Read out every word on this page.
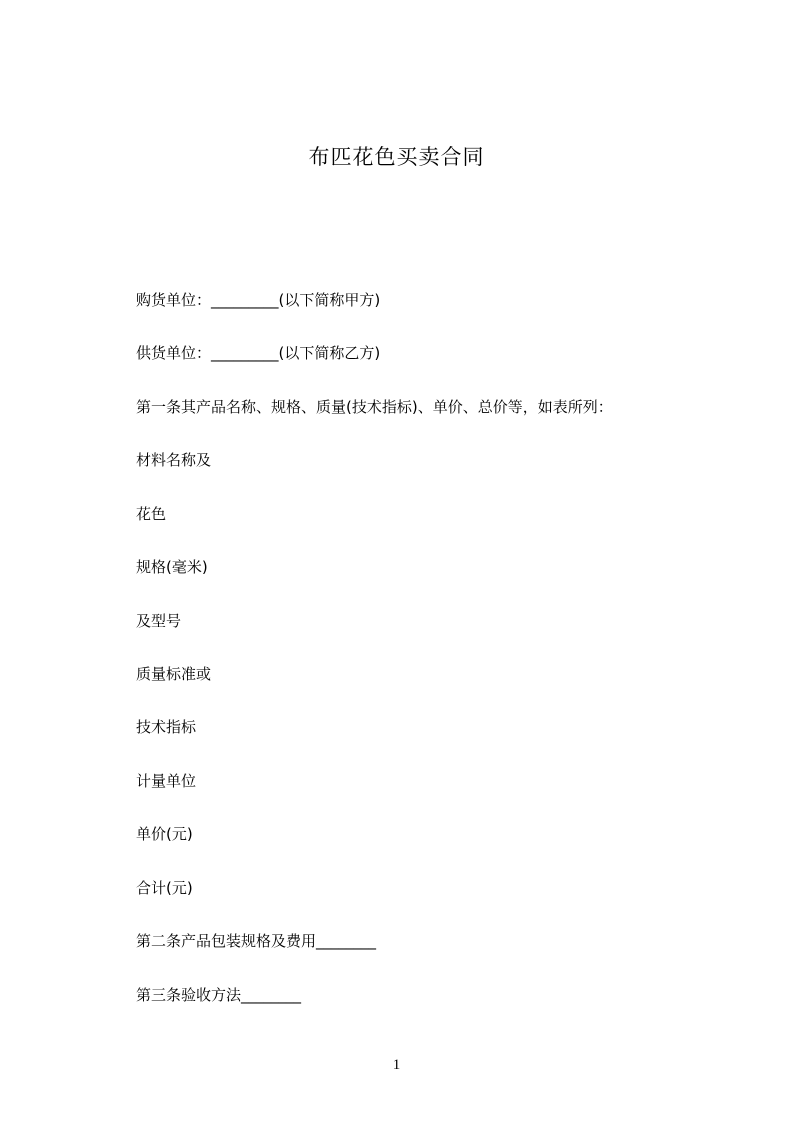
布匹花色买卖合同
购货单位：_________(以下简称甲方)
供货单位：_________(以下简称乙方)
第一条其产品名称、规格、质量(技术指标)、单价、总价等，如表所列：
材料名称及
花色
规格(毫米)
及型号
质量标准或
技术指标
计量单位
单价(元)
合计(元)
第二条产品包装规格及费用________
第三条验收方法________
1
